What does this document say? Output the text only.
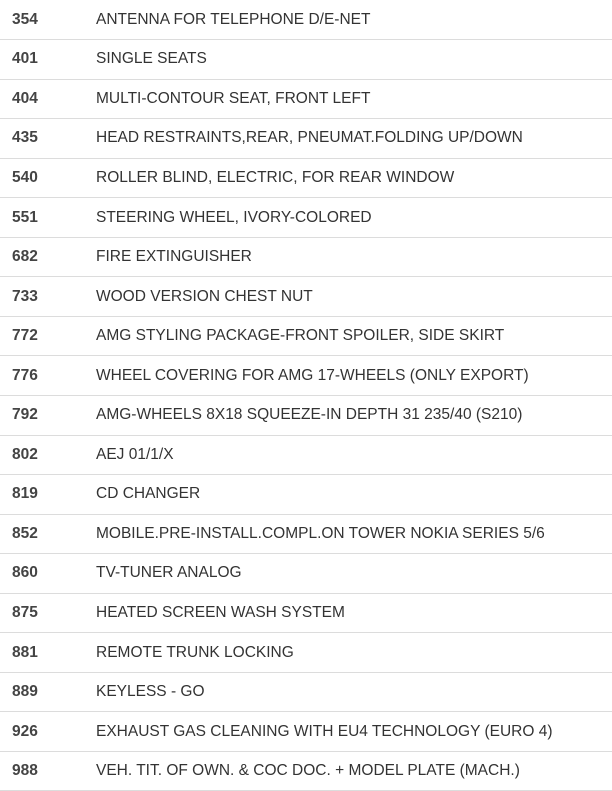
354	ANTENNA FOR TELEPHONE D/E-NET
401	SINGLE SEATS
404	MULTI-CONTOUR SEAT, FRONT LEFT
435	HEAD RESTRAINTS,REAR, PNEUMAT.FOLDING UP/DOWN
540	ROLLER BLIND, ELECTRIC, FOR REAR WINDOW
551	STEERING WHEEL, IVORY-COLORED
682	FIRE EXTINGUISHER
733	WOOD VERSION CHEST NUT
772	AMG STYLING PACKAGE-FRONT SPOILER, SIDE SKIRT
776	WHEEL COVERING FOR AMG 17-WHEELS (ONLY EXPORT)
792	AMG-WHEELS 8X18 SQUEEZE-IN DEPTH 31 235/40 (S210)
802	AEJ 01/1/X
819	CD CHANGER
852	MOBILE.PRE-INSTALL.COMPL.ON TOWER NOKIA SERIES 5/6
860	TV-TUNER ANALOG
875	HEATED SCREEN WASH SYSTEM
881	REMOTE TRUNK LOCKING
889	KEYLESS - GO
926	EXHAUST GAS CLEANING WITH EU4 TECHNOLOGY (EURO 4)
988	VEH. TIT. OF OWN. & COC DOC. + MODEL PLATE (MACH.)
